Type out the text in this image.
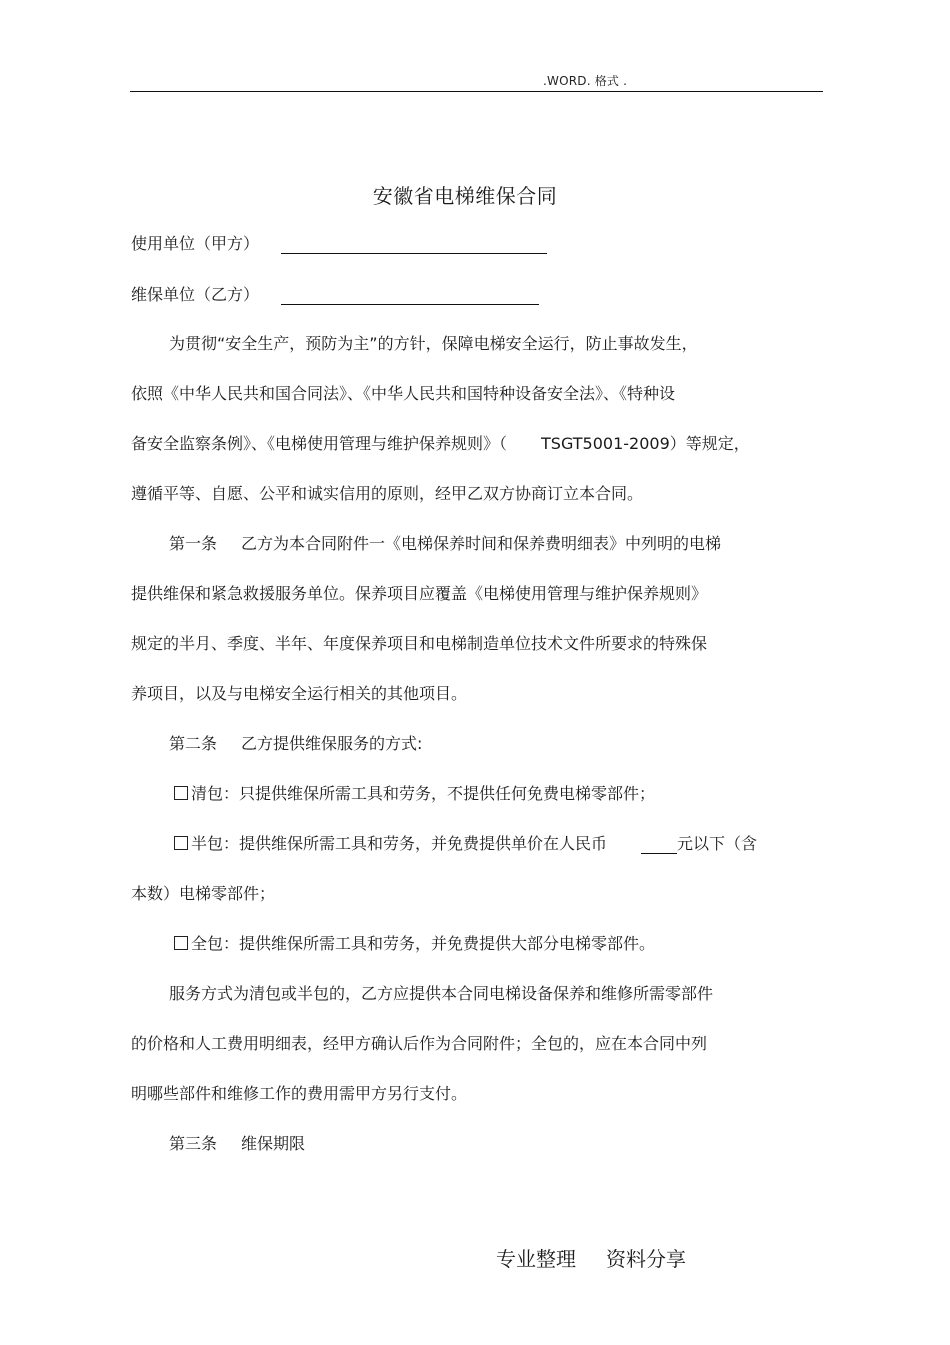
.WORD. 格式 .
安徽省电梯维保合同
使用单位（甲方）
维保单位（乙方）
为贯彻“安全生产，预防为主”的方针，保障电梯安全运行，防止事故发生，
依照《中华人民共和国合同法》、《中华人民共和国特种设备安全法》、《特种设
备安全监察条例》、《电梯使用管理与维护保养规则》（ TSGT5001-2009）等规定，
遵循平等、自愿、公平和诚实信用的原则，经甲乙双方协商订立本合同。
第一条 乙方为本合同附件一《电梯保养时间和保养费明细表》中列明的电梯
提供维保和紧急救援服务单位。保养项目应覆盖《电梯使用管理与维护保养规则》
规定的半月、季度、半年、年度保养项目和电梯制造单位技术文件所要求的特殊保
养项目，以及与电梯安全运行相关的其他项目。
第二条 乙方提供维保服务的方式:
清包：只提供维保所需工具和劳务，不提供任何免费电梯零部件；
半包：提供维保所需工具和劳务，并免费提供单价在人民币	元以下（含
本数）电梯零部件；
全包：提供维保所需工具和劳务，并免费提供大部分电梯零部件。
服务方式为清包或半包的，乙方应提供本合同电梯设备保养和维修所需零部件
的价格和人工费用明细表，经甲方确认后作为合同附件；全包的，应在本合同中列
明哪些部件和维修工作的费用需甲方另行支付。
第三条 维保期限
专业整理 资料分享
